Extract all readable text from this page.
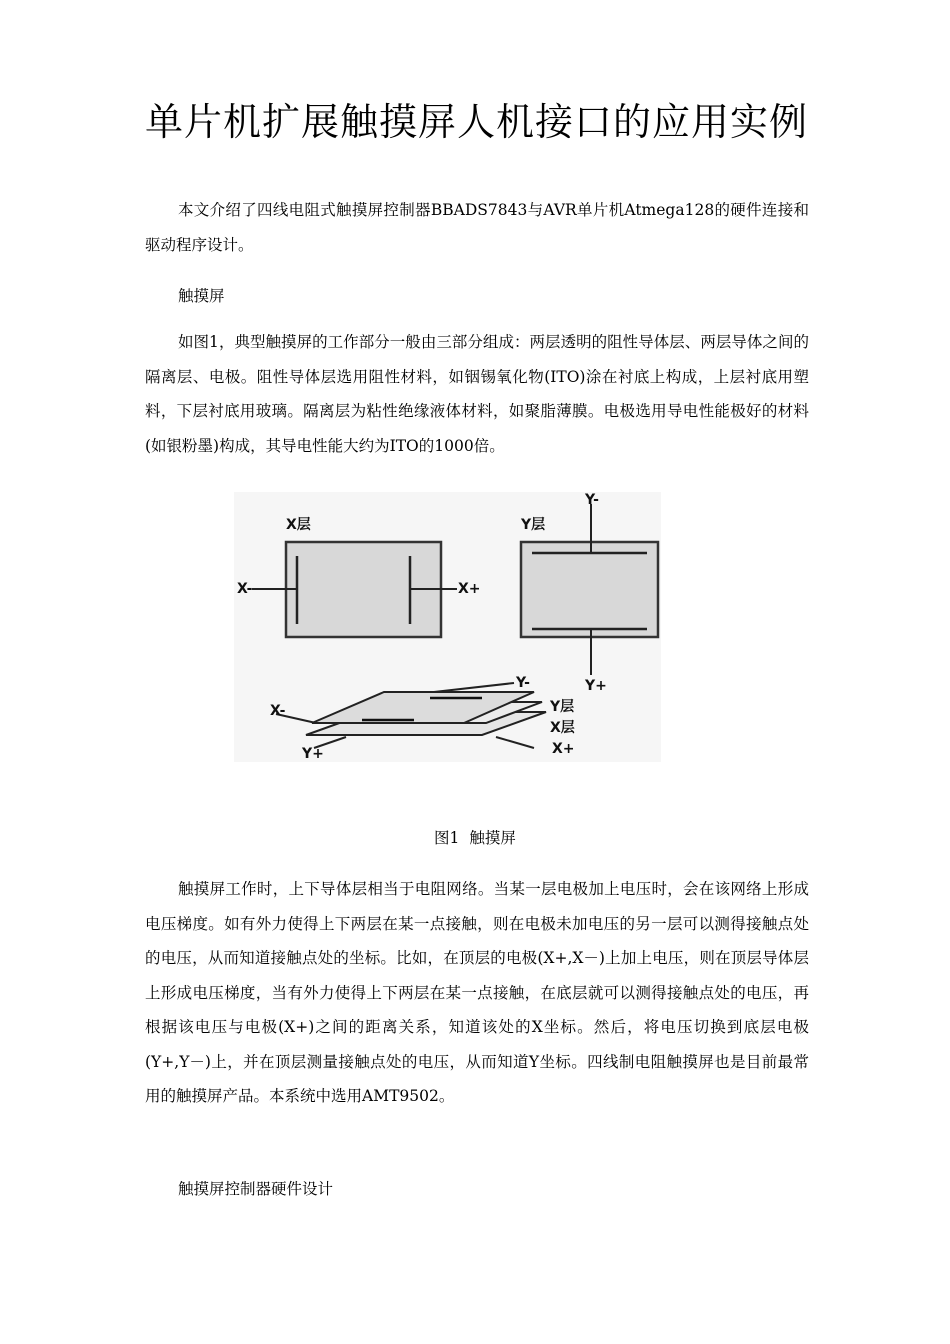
单片机扩展触摸屏人机接口的应用实例

本文介绍了四线电阻式触摸屏控制器BBADS7843与AVR单片机Atmega128的硬件连接和驱动程序设计。

触摸屏

如图1，典型触摸屏的工作部分一般由三部分组成：两层透明的阻性导体层、两层导体之间的隔离层、电极。阻性导体层选用阻性材料，如铟锡氧化物(ITO)涂在衬底上构成，上层衬底用塑料，下层衬底用玻璃。隔离层为粘性绝缘液体材料，如聚脂薄膜。电极选用导电性能极好的材料(如银粉墨)构成，其导电性能大约为ITO的1000倍。

X层
X-	X+
Y层
Y-
Y+
Y-
X-
Y+
Y层
X层
X+
图1 触摸屏

触摸屏工作时，上下导体层相当于电阻网络。当某一层电极加上电压时，会在该网络上形成电压梯度。如有外力使得上下两层在某一点接触，则在电极未加电压的另一层可以测得接触点处的电压，从而知道接触点处的坐标。比如，在顶层的电极(X+,X－)上加上电压，则在顶层导体层上形成电压梯度，当有外力使得上下两层在某一点接触，在底层就可以测得接触点处的电压，再根据该电压与电极(X+)之间的距离关系，知道该处的X坐标。然后，将电压切换到底层电极(Y+,Y－)上，并在顶层测量接触点处的电压，从而知道Y坐标。四线制电阻触摸屏也是目前最常用的触摸屏产品。本系统中选用AMT9502。

触摸屏控制器硬件设计
